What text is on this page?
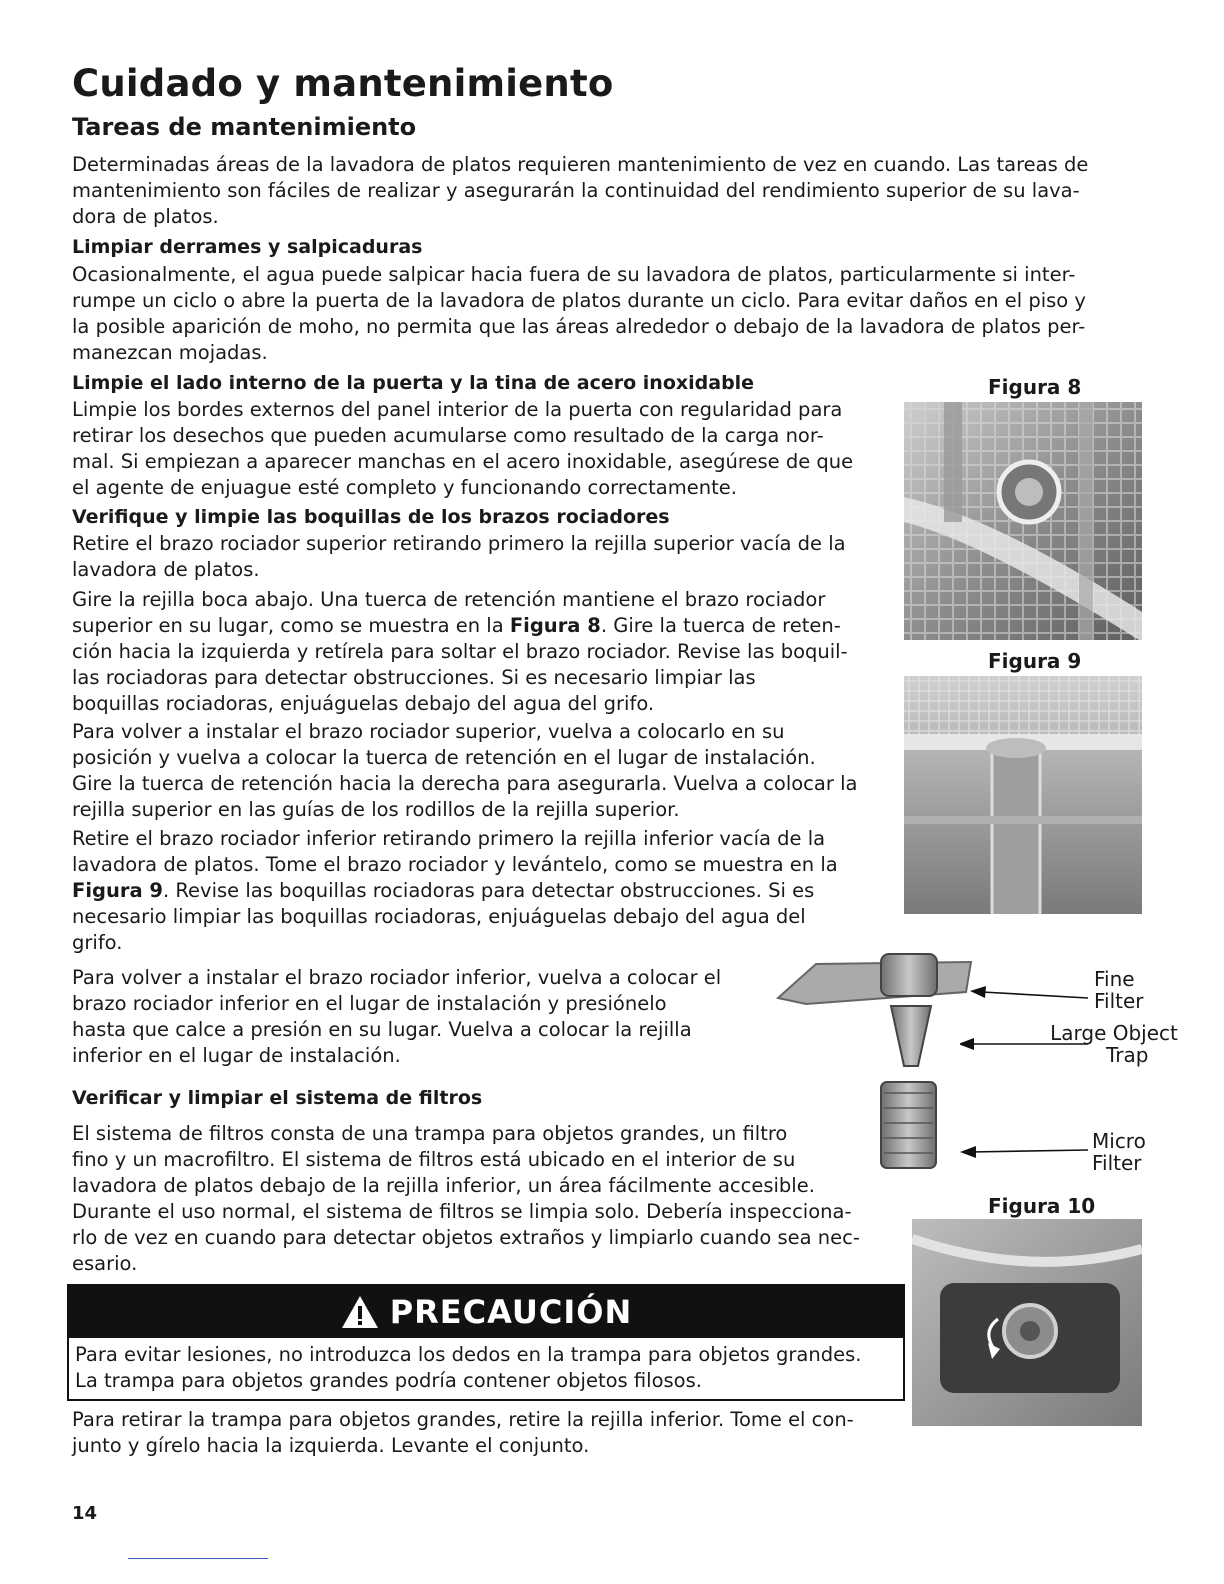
Cuidado y mantenimiento
Tareas de mantenimiento
Determinadas áreas de la lavadora de platos requieren mantenimiento de vez en cuando. Las tareas de
mantenimiento son fáciles de realizar y asegurarán la continuidad del rendimiento superior de su lava-
dora de platos.
Limpiar derrames y salpicaduras
Ocasionalmente, el agua puede salpicar hacia fuera de su lavadora de platos, particularmente si inter-
rumpe un ciclo o abre la puerta de la lavadora de platos durante un ciclo. Para evitar daños en el piso y
la posible aparición de moho, no permita que las áreas alrededor o debajo de la lavadora de platos per-
manezcan mojadas.
Limpie el lado interno de la puerta y la tina de acero inoxidable
Limpie los bordes externos del panel interior de la puerta con regularidad para
retirar los desechos que pueden acumularse como resultado de la carga nor-
mal. Si empiezan a aparecer manchas en el acero inoxidable, asegúrese de que
el agente de enjuague esté completo y funcionando correctamente.
Verifique y limpie las boquillas de los brazos rociadores
Retire el brazo rociador superior retirando primero la rejilla superior vacía de la
lavadora de platos.
Gire la rejilla boca abajo. Una tuerca de retención mantiene el brazo rociador
superior en su lugar, como se muestra en la Figura 8. Gire la tuerca de reten-
ción hacia la izquierda y retírela para soltar el brazo rociador. Revise las boquil-
las rociadoras para detectar obstrucciones. Si es necesario limpiar las
boquillas rociadoras, enjuáguelas debajo del agua del grifo.
Para volver a instalar el brazo rociador superior, vuelva a colocarlo en su
posición y vuelva a colocar la tuerca de retención en el lugar de instalación.
Gire la tuerca de retención hacia la derecha para asegurarla. Vuelva a colocar la
rejilla superior en las guías de los rodillos de la rejilla superior.
Retire el brazo rociador inferior retirando primero la rejilla inferior vacía de la
lavadora de platos. Tome el brazo rociador y levántelo, como se muestra en la
Figura 9. Revise las boquillas rociadoras para detectar obstrucciones. Si es
necesario limpiar las boquillas rociadoras, enjuáguelas debajo del agua del
grifo.
Para volver a instalar el brazo rociador inferior, vuelva a colocar el
brazo rociador inferior en el lugar de instalación y presiónelo
hasta que calce a presión en su lugar. Vuelva a colocar la rejilla
inferior en el lugar de instalación.
Verificar y limpiar el sistema de filtros
El sistema de filtros consta de una trampa para objetos grandes, un filtro
fino y un macrofiltro. El sistema de filtros está ubicado en el interior de su
lavadora de platos debajo de la rejilla inferior, un área fácilmente accesible.
Durante el uso normal, el sistema de filtros se limpia solo. Debería inspecciona-
rlo de vez en cuando para detectar objetos extraños y limpiarlo cuando sea nec-
esario.
PRECAUCIÓN
Para evitar lesiones, no introduzca los dedos en la trampa para objetos grandes.
La trampa para objetos grandes podría contener objetos filosos.
Para retirar la trampa para objetos grandes, retire la rejilla inferior. Tome el con-
junto y gírelo hacia la izquierda. Levante el conjunto.
Figura 8
Figura 9
Fine
Filter
Large Object
Trap
Micro
Filter
Figura 10
14
